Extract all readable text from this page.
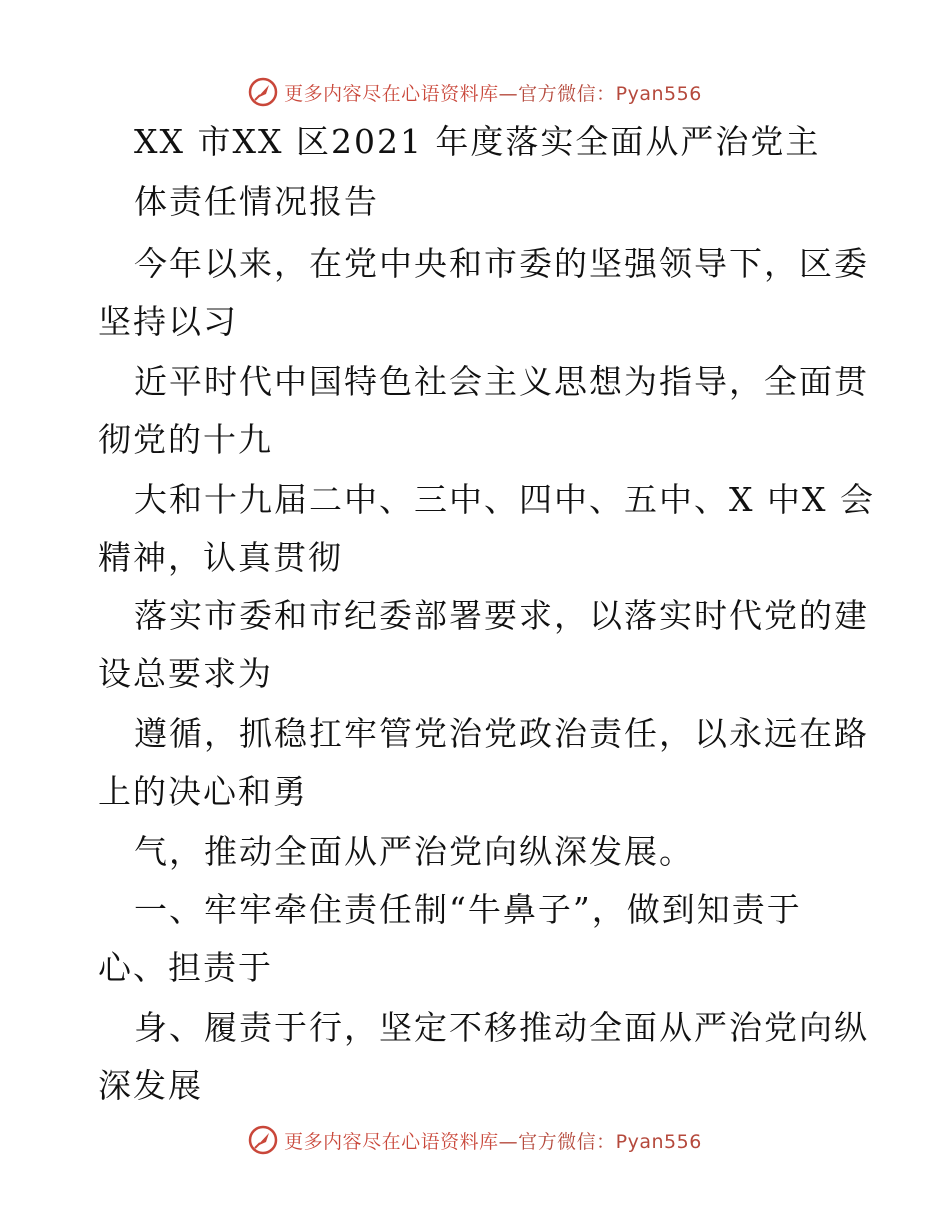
更多内容尽在心语资料库—官方微信：Pyan556
XX 市XX 区2021 年度落实全面从严治党主
体责任情况报告
今年以来，在党中央和市委的坚强领导下，区委
坚持以习
近平时代中国特色社会主义思想为指导，全面贯
彻党的十九
大和十九届二中、三中、四中、五中、X 中X 会
精神，认真贯彻
落实市委和市纪委部署要求，以落实时代党的建
设总要求为
遵循，抓稳扛牢管党治党政治责任，以永远在路
上的决心和勇
气，推动全面从严治党向纵深发展。
一、牢牢牵住责任制“牛鼻子”，做到知责于
心、担责于
身、履责于行，坚定不移推动全面从严治党向纵
深发展
更多内容尽在心语资料库—官方微信：Pyan556
